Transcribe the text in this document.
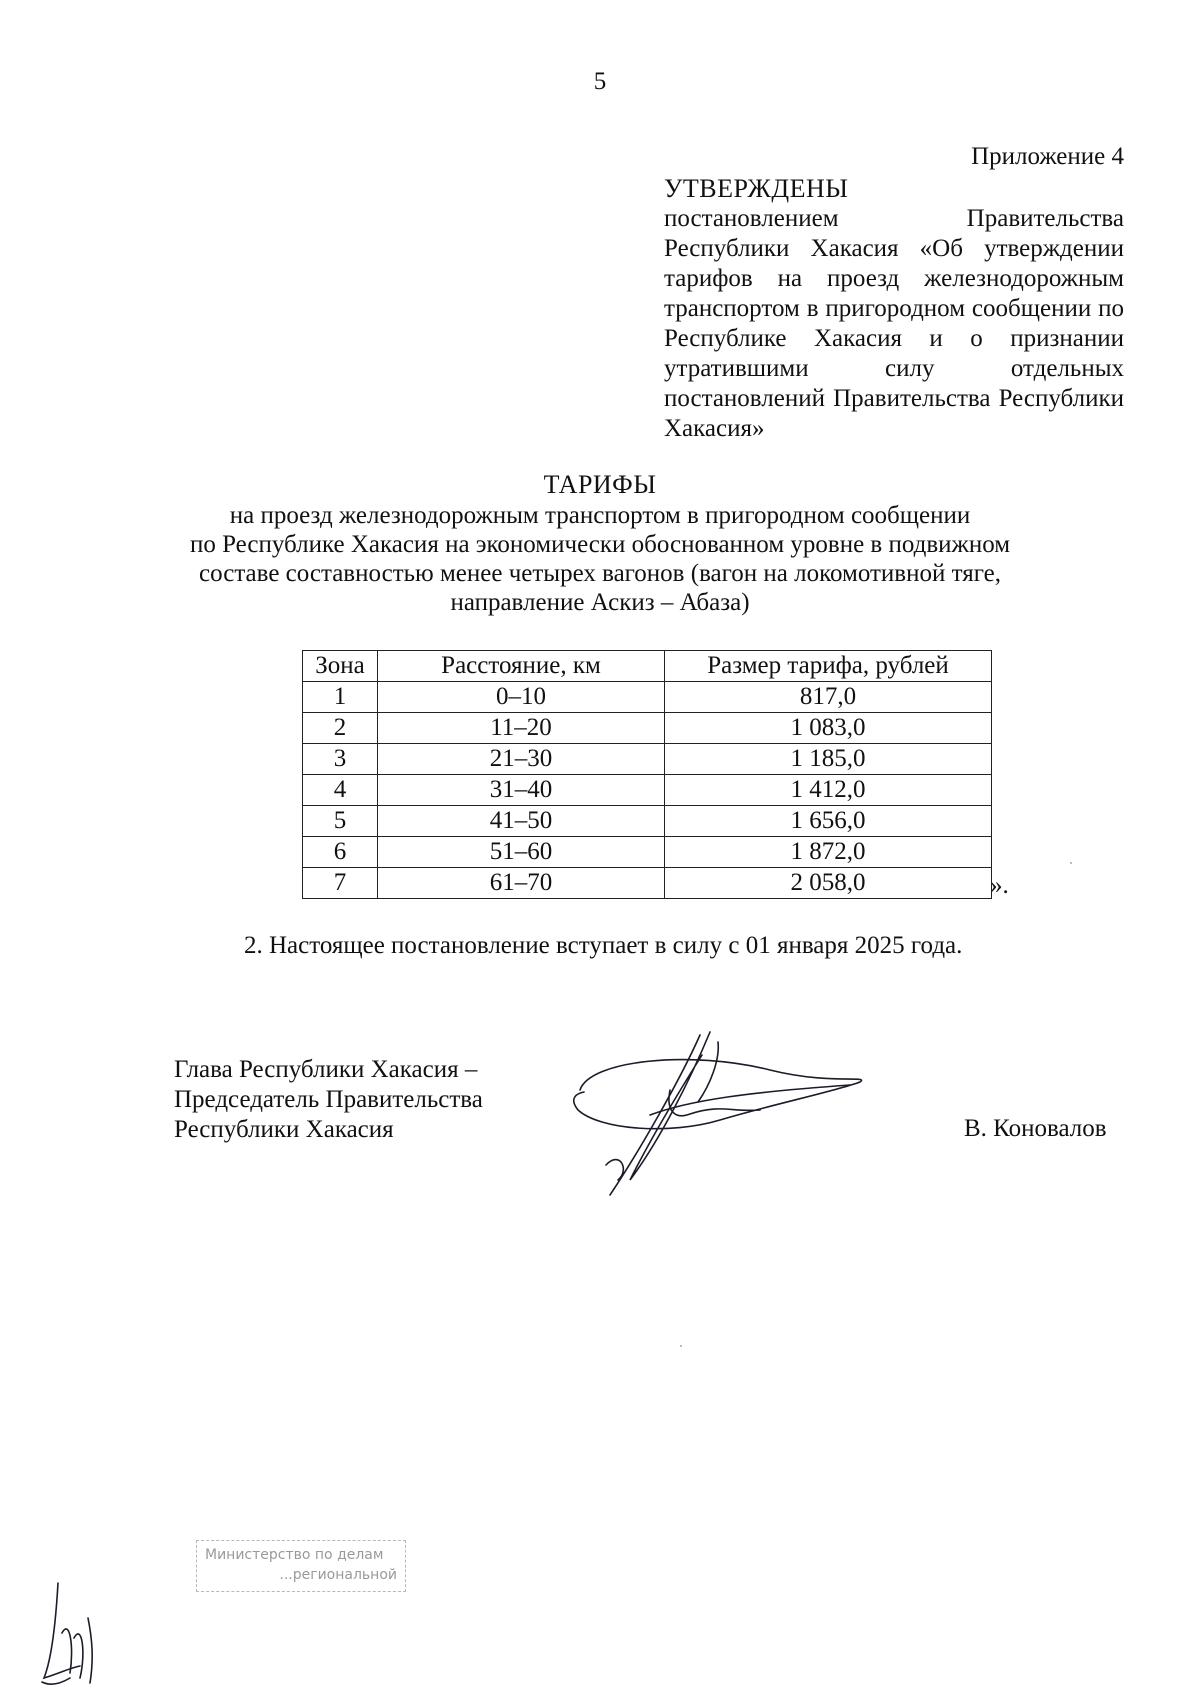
5
Приложение 4
УТВЕРЖДЕНЫ
постановлением Правительства Республики Хакасия «Об утверждении тарифов на проезд железнодорожным транспортом в пригородном сообщении по Республике Хакасия и о признании утратившими силу отдельных постановлений Правительства Республики Хакасия»
ТАРИФЫ
на проезд железнодорожным транспортом в пригородном сообщении
по Республике Хакасия на экономически обоснованном уровне в подвижном
составе составностью менее четырех вагонов (вагон на локомотивной тяге,
направление Аскиз – Абаза)
Зона	Расстояние, км	Размер тарифа, рублей
1	0–10	817,0
2	11–20	1 083,0
3	21–30	1 185,0
4	31–40	1 412,0
5	41–50	1 656,0
6	51–60	1 872,0
7	61–70	2 058,0	».
2. Настоящее постановление вступает в силу с 01 января 2025 года.
Глава Республики Хакасия –
Председатель Правительства
Республики Хакасия	В. Коновалов
Министерство по делам
...региональной
